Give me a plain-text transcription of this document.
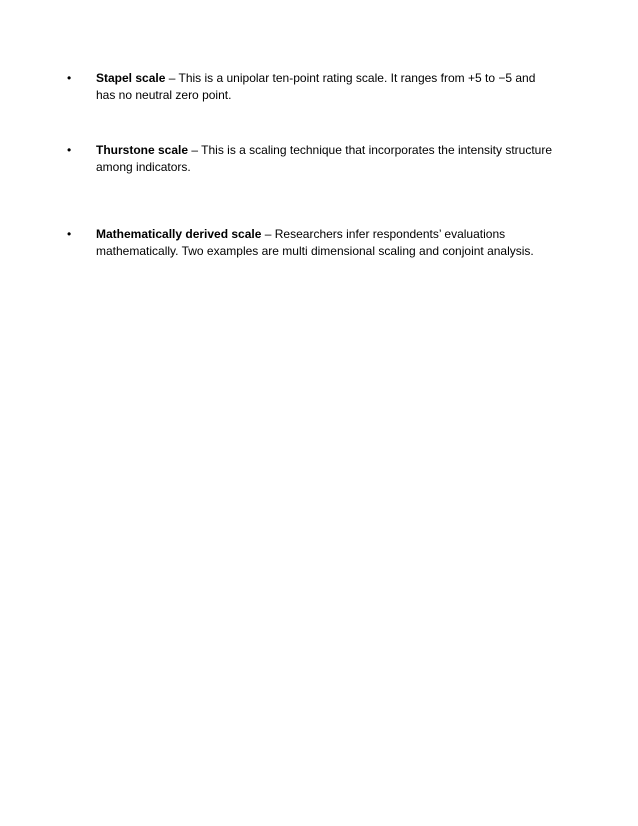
• Stapel scale – This is a unipolar ten-point rating scale. It ranges from +5 to −5 and has no neutral zero point.
• Thurstone scale – This is a scaling technique that incorporates the intensity structure among indicators.
• Mathematically derived scale – Researchers infer respondents’ evaluations mathematically. Two examples are multi dimensional scaling and conjoint analysis.
